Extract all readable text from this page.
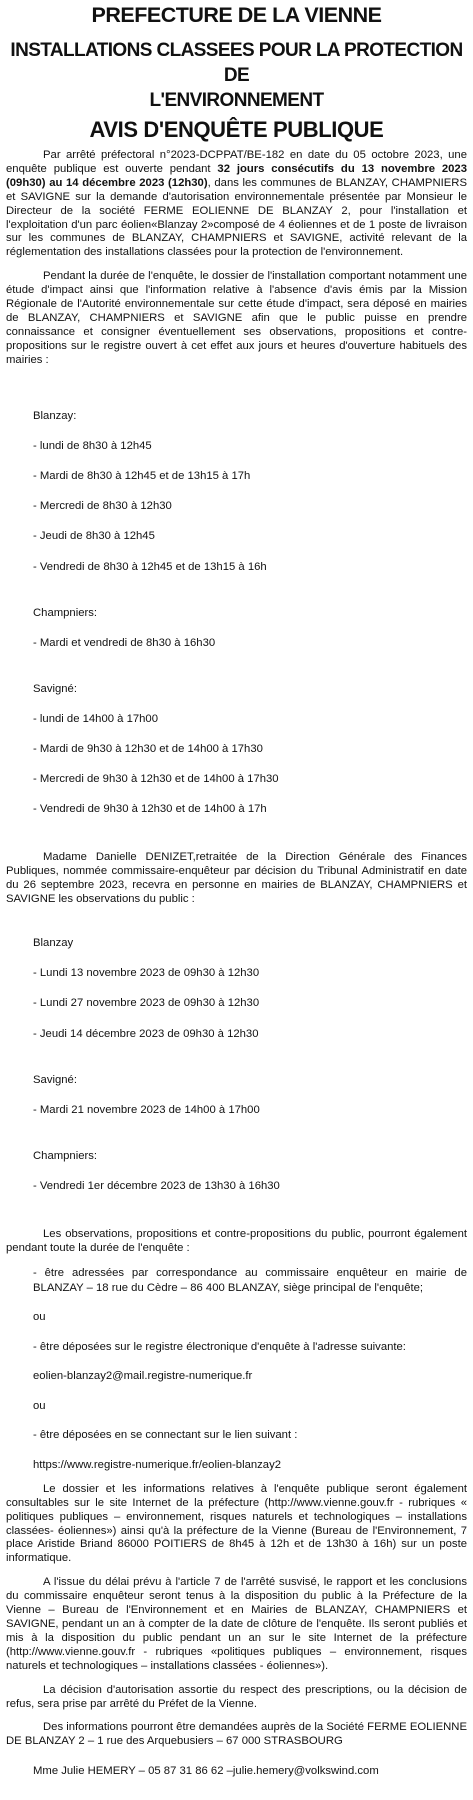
PREFECTURE DE LA VIENNE
INSTALLATIONS CLASSEES POUR LA PROTECTION DE
L'ENVIRONNEMENT
AVIS D'ENQUÊTE PUBLIQUE

Par arrêté préfectoral n°2023-DCPPAT/BE-182 en date du 05 octobre 2023, une enquête publique est ouverte pendant 32 jours consécutifs du 13 novembre 2023 (09h30) au 14 décembre 2023 (12h30), dans les communes de BLANZAY, CHAMPNIERS et SAVIGNE sur la demande d'autorisation environnementale présentée par Monsieur le Directeur de la société FERME EOLIENNE DE BLANZAY 2, pour l'installation et l'exploitation d'un parc éolien«Blanzay 2»composé de 4 éoliennes et de 1 poste de livraison sur les communes de BLANZAY, CHAMPNIERS et SAVIGNE, activité relevant de la réglementation des installations classées pour la protection de l'environnement.

Pendant la durée de l'enquête, le dossier de l'installation comportant notamment une étude d'impact ainsi que l'information relative à l'absence d'avis émis par la Mission Régionale de l'Autorité environnementale sur cette étude d'impact, sera déposé en mairies de BLANZAY, CHAMPNIERS et SAVIGNE afin que le public puisse en prendre connaissance et consigner éventuellement ses observations, propositions et contre-propositions sur le registre ouvert à cet effet aux jours et heures d'ouverture habituels des mairies :

Blanzay:
- lundi de 8h30 à 12h45
- Mardi de 8h30 à 12h45 et de 13h15 à 17h
- Mercredi de 8h30 à 12h30
- Jeudi de 8h30 à 12h45
- Vendredi de 8h30 à 12h45 et de 13h15 à 16h
Champniers:
- Mardi et vendredi de 8h30 à 16h30
Savigné:
- lundi de 14h00 à 17h00
- Mardi de 9h30 à 12h30 et de 14h00 à 17h30
- Mercredi de 9h30 à 12h30 et de 14h00 à 17h30
- Vendredi de 9h30 à 12h30 et de 14h00 à 17h

Madame Danielle DENIZET,retraitée de la Direction Générale des Finances Publiques, nommée commissaire-enquêteur par décision du Tribunal Administratif en date du 26 septembre 2023, recevra en personne en mairies de BLANZAY, CHAMPNIERS et SAVIGNE les observations du public :

Blanzay
- Lundi 13 novembre 2023 de 09h30 à 12h30
- Lundi 27 novembre 2023 de 09h30 à 12h30
- Jeudi 14 décembre 2023 de 09h30 à 12h30
Savigné:
- Mardi 21 novembre 2023 de 14h00 à 17h00
Champniers:
- Vendredi 1er décembre 2023 de 13h30 à 16h30

Les observations, propositions et contre-propositions du public, pourront également pendant toute la durée de l'enquête :

- être adressées par correspondance au commissaire enquêteur en mairie de BLANZAY – 18 rue du Cèdre – 86 400 BLANZAY, siège principal de l'enquête;
ou
- être déposées sur le registre électronique d'enquête à l'adresse suivante:
eolien-blanzay2@mail.registre-numerique.fr
ou
- être déposées en se connectant sur le lien suivant :
https://www.registre-numerique.fr/eolien-blanzay2

Le dossier et les informations relatives à l'enquête publique seront également consultables sur le site Internet de la préfecture (http://www.vienne.gouv.fr - rubriques « politiques publiques – environnement, risques naturels et technologiques – installations classées- éoliennes») ainsi qu'à la préfecture de la Vienne (Bureau de l'Environnement, 7 place Aristide Briand 86000 POITIERS de 8h45 à 12h et de 13h30 à 16h) sur un poste informatique.

A l'issue du délai prévu à l'article 7 de l'arrêté susvisé, le rapport et les conclusions du commissaire enquêteur seront tenus à la disposition du public à la Préfecture de la Vienne – Bureau de l'Environnement et en Mairies de BLANZAY, CHAMPNIERS et SAVIGNE, pendant un an à compter de la date de clôture de l'enquête. Ils seront publiés et mis à la disposition du public pendant un an sur le site Internet de la préfecture (http://www.vienne.gouv.fr - rubriques «politiques publiques – environnement, risques naturels et technologiques – installations classées - éoliennes»).

La décision d'autorisation assortie du respect des prescriptions, ou la décision de refus, sera prise par arrêté du Préfet de la Vienne.

Des informations pourront être demandées auprès de la Société FERME EOLIENNE DE BLANZAY 2 – 1 rue des Arquebusiers – 67 000 STRASBOURG

Mme Julie HEMERY – 05 87 31 86 62 –julie.hemery@volkswind.com
